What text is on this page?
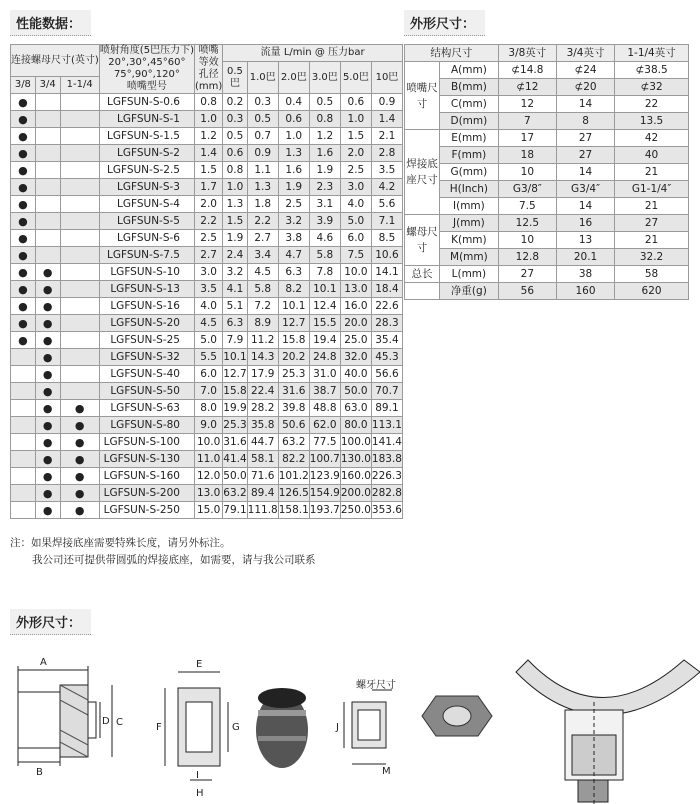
性能数据：	外形尺寸：
连接螺母尺寸(英寸)			喷射角度(5巴压力下)
20°,30°,45°60°
75°,90°,120°
喷嘴型号	喷嘴等效孔径(mm)	流量 L/min @ 压力bar					
					0.5巴	1.0巴	2.0巴	3.0巴	5.0巴	10巴
3/8	3/4	1-1/4								
●			LGFSUN-S-0.6	0.8	0.2	0.3	0.4	0.5	0.6	0.9
●			LGFSUN-S-1	1.0	0.3	0.5	0.6	0.8	1.0	1.4
●			LGFSUN-S-1.5	1.2	0.5	0.7	1.0	1.2	1.5	2.1
●			LGFSUN-S-2	1.4	0.6	0.9	1.3	1.6	2.0	2.8
●			LGFSUN-S-2.5	1.5	0.8	1.1	1.6	1.9	2.5	3.5
●			LGFSUN-S-3	1.7	1.0	1.3	1.9	2.3	3.0	4.2
●			LGFSUN-S-4	2.0	1.3	1.8	2.5	3.1	4.0	5.6
●			LGFSUN-S-5	2.2	1.5	2.2	3.2	3.9	5.0	7.1
●			LGFSUN-S-6	2.5	1.9	2.7	3.8	4.6	6.0	8.5
●			LGFSUN-S-7.5	2.7	2.4	3.4	4.7	5.8	7.5	10.6
●	●		LGFSUN-S-10	3.0	3.2	4.5	6.3	7.8	10.0	14.1
●	●		LGFSUN-S-13	3.5	4.1	5.8	8.2	10.1	13.0	18.4
●	●		LGFSUN-S-16	4.0	5.1	7.2	10.1	12.4	16.0	22.6
●	●		LGFSUN-S-20	4.5	6.3	8.9	12.7	15.5	20.0	28.3
●	●		LGFSUN-S-25	5.0	7.9	11.2	15.8	19.4	25.0	35.4
	●		LGFSUN-S-32	5.5	10.1	14.3	20.2	24.8	32.0	45.3
	●		LGFSUN-S-40	6.0	12.7	17.9	25.3	31.0	40.0	56.6
	●		LGFSUN-S-50	7.0	15.8	22.4	31.6	38.7	50.0	70.7
	●	●	LGFSUN-S-63	8.0	19.9	28.2	39.8	48.8	63.0	89.1
	●	●	LGFSUN-S-80	9.0	25.3	35.8	50.6	62.0	80.0	113.1
	●	●	LGFSUN-S-100	10.0	31.6	44.7	63.2	77.5	100.0	141.4
	●	●	LGFSUN-S-130	11.0	41.4	58.1	82.2	100.7	130.0	183.8
	●	●	LGFSUN-S-160	12.0	50.0	71.6	101.2	123.9	160.0	226.3
	●	●	LGFSUN-S-200	13.0	63.2	89.4	126.5	154.9	200.0	282.8
	●	●	LGFSUN-S-250	15.0	79.1	111.8	158.1	193.7	250.0	353.6
结构尺寸		3/8英寸	3/4英寸	1-1/4英寸
喷嘴尺寸	A(mm)	⊄14.8	⊄24	⊄38.5
	B(mm)	⊄12	⊄20	⊄32
	C(mm)	12	14	22
	D(mm)	7	8	13.5
焊接底座尺寸	E(mm)	17	27	42
	F(mm)	18	27	40
	G(mm)	10	14	21
	H(Inch)	G3/8″	G3/4″	G1-1/4″
	I(mm)	7.5	14	21
螺母尺寸	J(mm)	12.5	16	27
	K(mm)	10	13	21
	M(mm)	12.8	20.1	32.2
总长	L(mm)	27	38	58
	净重(g)	56	160	620
注：如果焊接底座需要特殊长度，请另外标注。
我公司还可提供带圆弧的焊接底座，如需要，请与我公司联系
外形尺寸：
A
B
C
D
E
F	G
I
H
螺牙尺寸
J
M
